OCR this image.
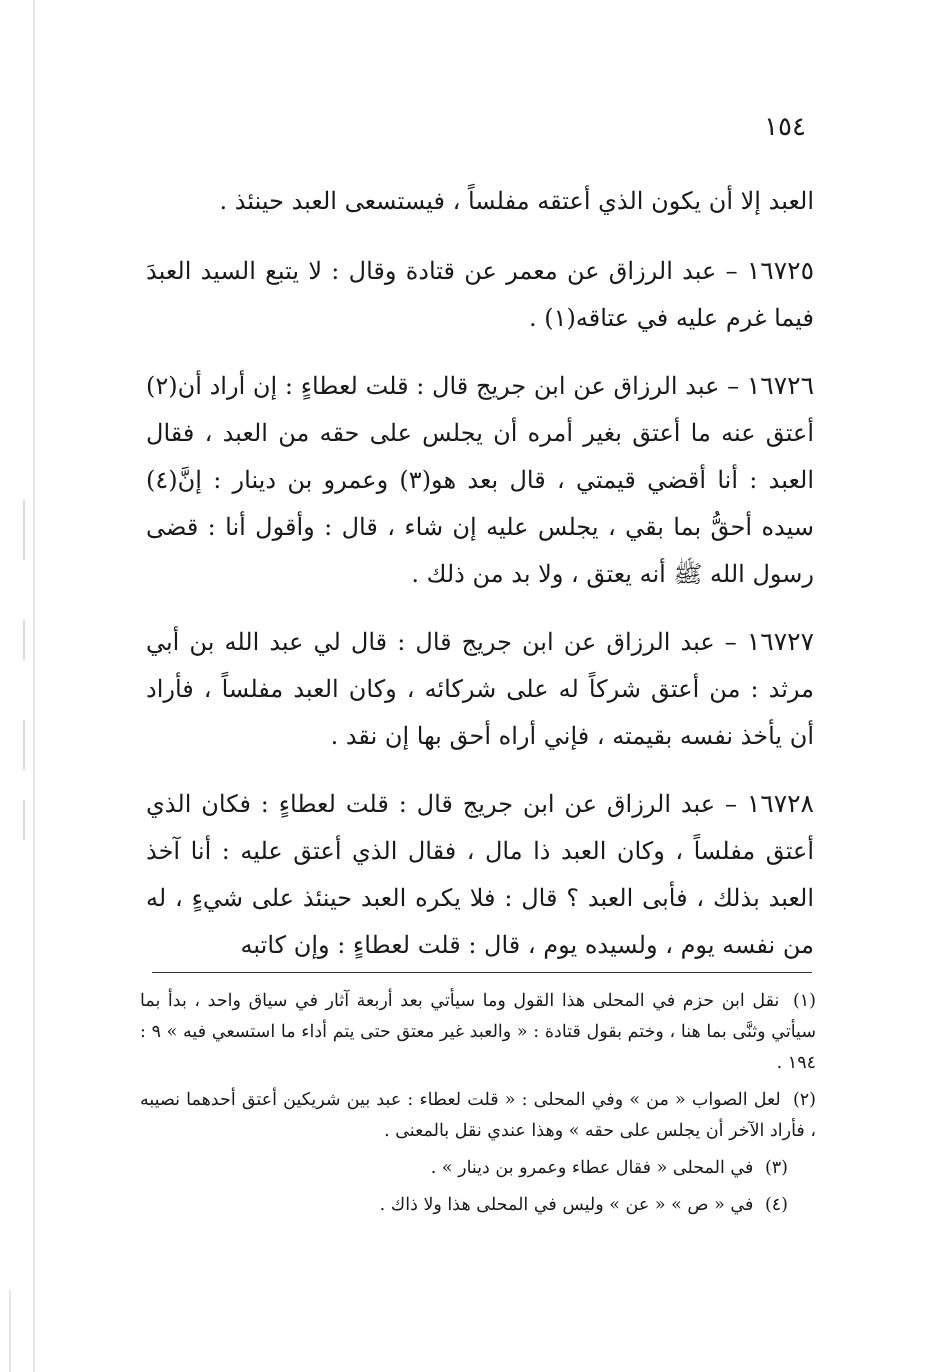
١٥٤

العبد إلا أن يكون الذي أعتقه مفلساً ، فيستسعى العبد حينئذ .

١٦٧٢٥ – عبد الرزاق عن معمر عن قتادة وقال : لا يتبع السيد العبدَ فيما غرم عليه في عتاقه(١) .

١٦٧٢٦ – عبد الرزاق عن ابن جريج قال : قلت لعطاءٍ : إن أراد أن(٢) أعتق عنه ما أعتق بغير أمره أن يجلس على حقه من العبد ، فقال العبد : أنا أقضي قيمتي ، قال بعد هو(٣) وعمرو بن دينار : إنَّ(٤) سيده أحقُّ بما بقي ، يجلس عليه إن شاء ، قال : وأقول أنا : قضى رسول الله ﷺ أنه يعتق ، ولا بد من ذلك .

١٦٧٢٧ – عبد الرزاق عن ابن جريج قال : قال لي عبد الله بن أبي مرثد : من أعتق شركاً له على شركائه ، وكان العبد مفلساً ، فأراد أن يأخذ نفسه بقيمته ، فإني أراه أحق بها إن نقد .

١٦٧٢٨ – عبد الرزاق عن ابن جريج قال : قلت لعطاءٍ : فكان الذي أعتق مفلساً ، وكان العبد ذا مال ، فقال الذي أعتق عليه : أنا آخذ العبد بذلك ، فأبى العبد ؟ قال : فلا يكره العبد حينئذ على شيءٍ ، له من نفسه يوم ، ولسيده يوم ، قال : قلت لعطاءٍ : وإن كاتبه

(١) نقل ابن حزم في المحلى هذا القول وما سيأتي بعد أربعة آثار في سياق واحد ، بدأ بما سيأتي وثنَّى بما هنا ، وختم بقول قتادة : « والعبد غير معتق حتى يتم أداء ما استسعي فيه » ٩ : ١٩٤ .
(٢) لعل الصواب « من » وفي المحلى : « قلت لعطاء : عبد بين شريكين أعتق أحدهما نصيبه ، فأراد الآخر أن يجلس على حقه » وهذا عندي نقل بالمعنى .
(٣) في المحلى « فقال عطاء وعمرو بن دينار » .
(٤) في « ص » « عن » وليس في المحلى هذا ولا ذاك .
